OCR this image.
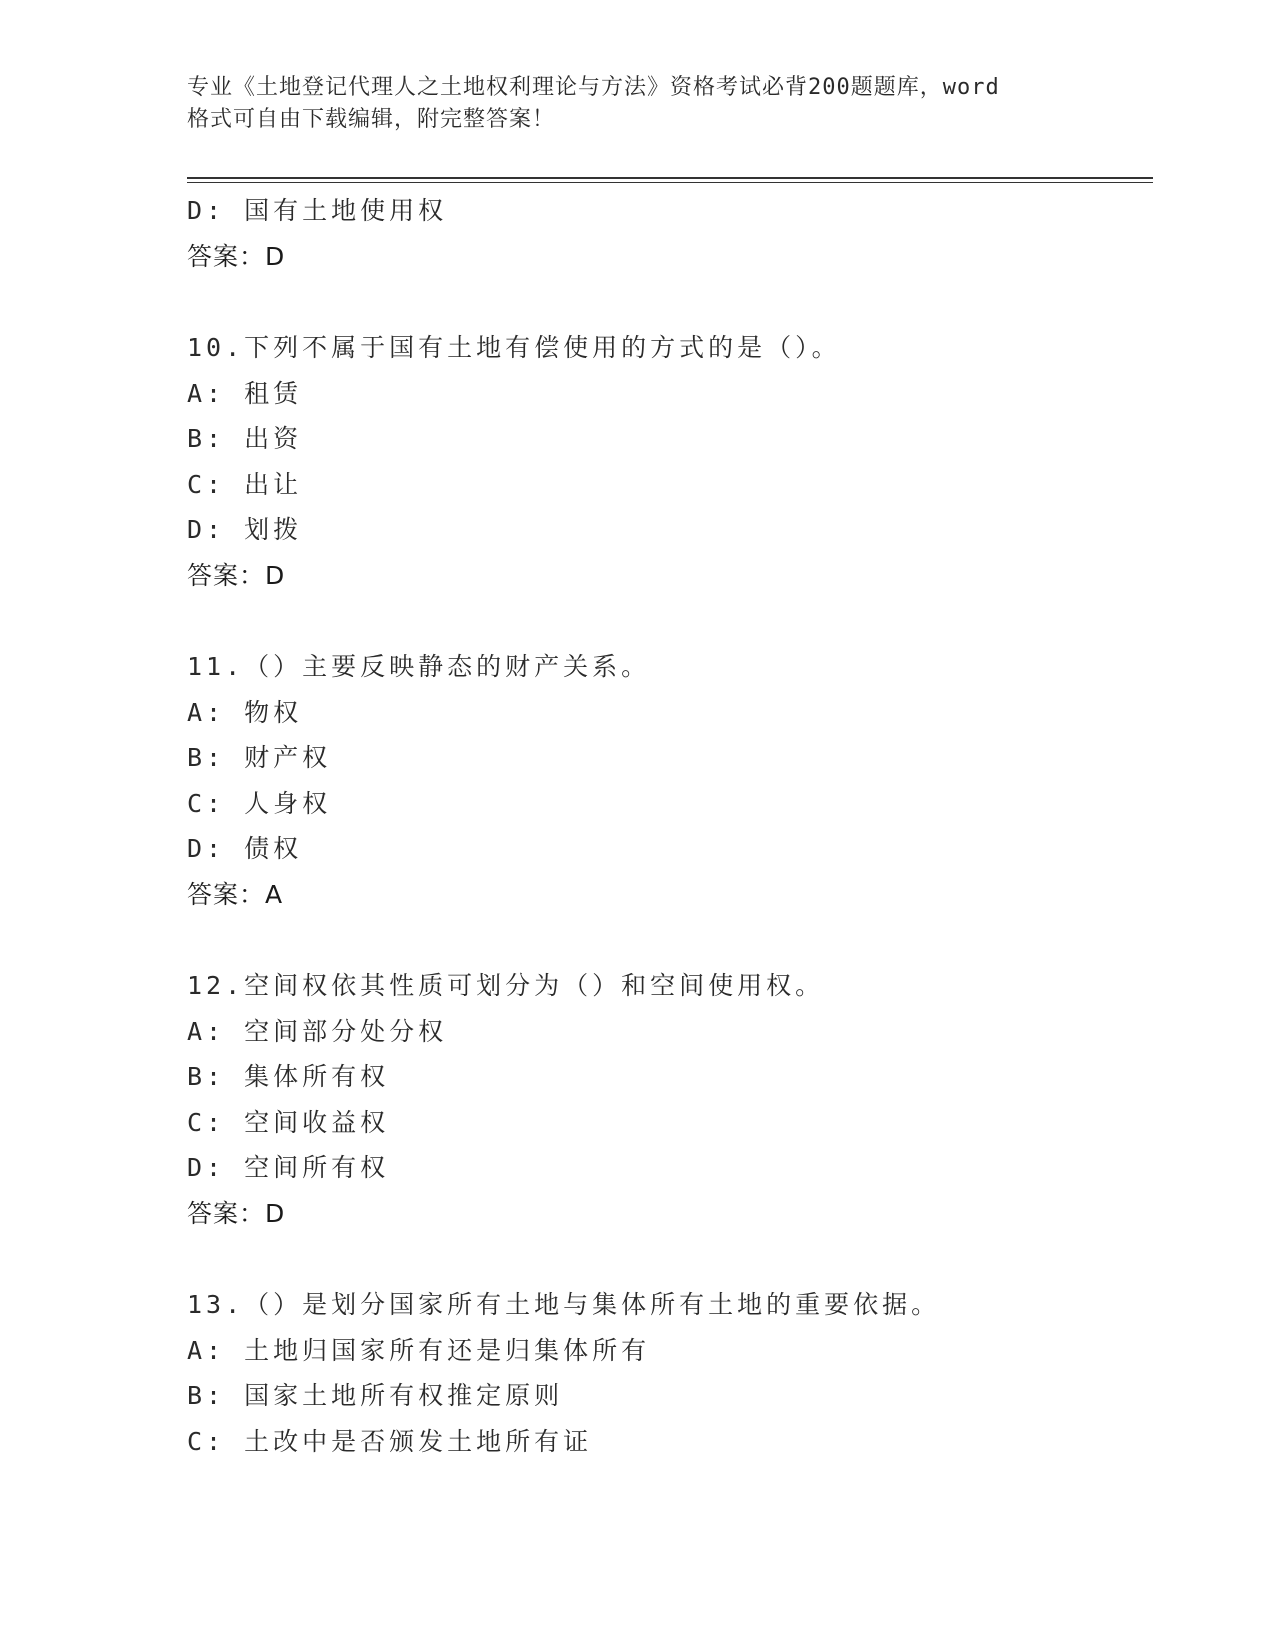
专业《土地登记代理人之土地权利理论与方法》资格考试必背200题题库，word
格式可自由下载编辑，附完整答案！
D: 国有土地使用权
答案：D
10.下列不属于国有土地有偿使用的方式的是（）。
A: 租赁
B: 出资
C: 出让
D: 划拨
答案：D
11.（）主要反映静态的财产关系。
A: 物权
B: 财产权
C: 人身权
D: 债权
答案：A
12.空间权依其性质可划分为（）和空间使用权。
A: 空间部分处分权
B: 集体所有权
C: 空间收益权
D: 空间所有权
答案：D
13.（）是划分国家所有土地与集体所有土地的重要依据。
A: 土地归国家所有还是归集体所有
B: 国家土地所有权推定原则
C: 土改中是否颁发土地所有证
